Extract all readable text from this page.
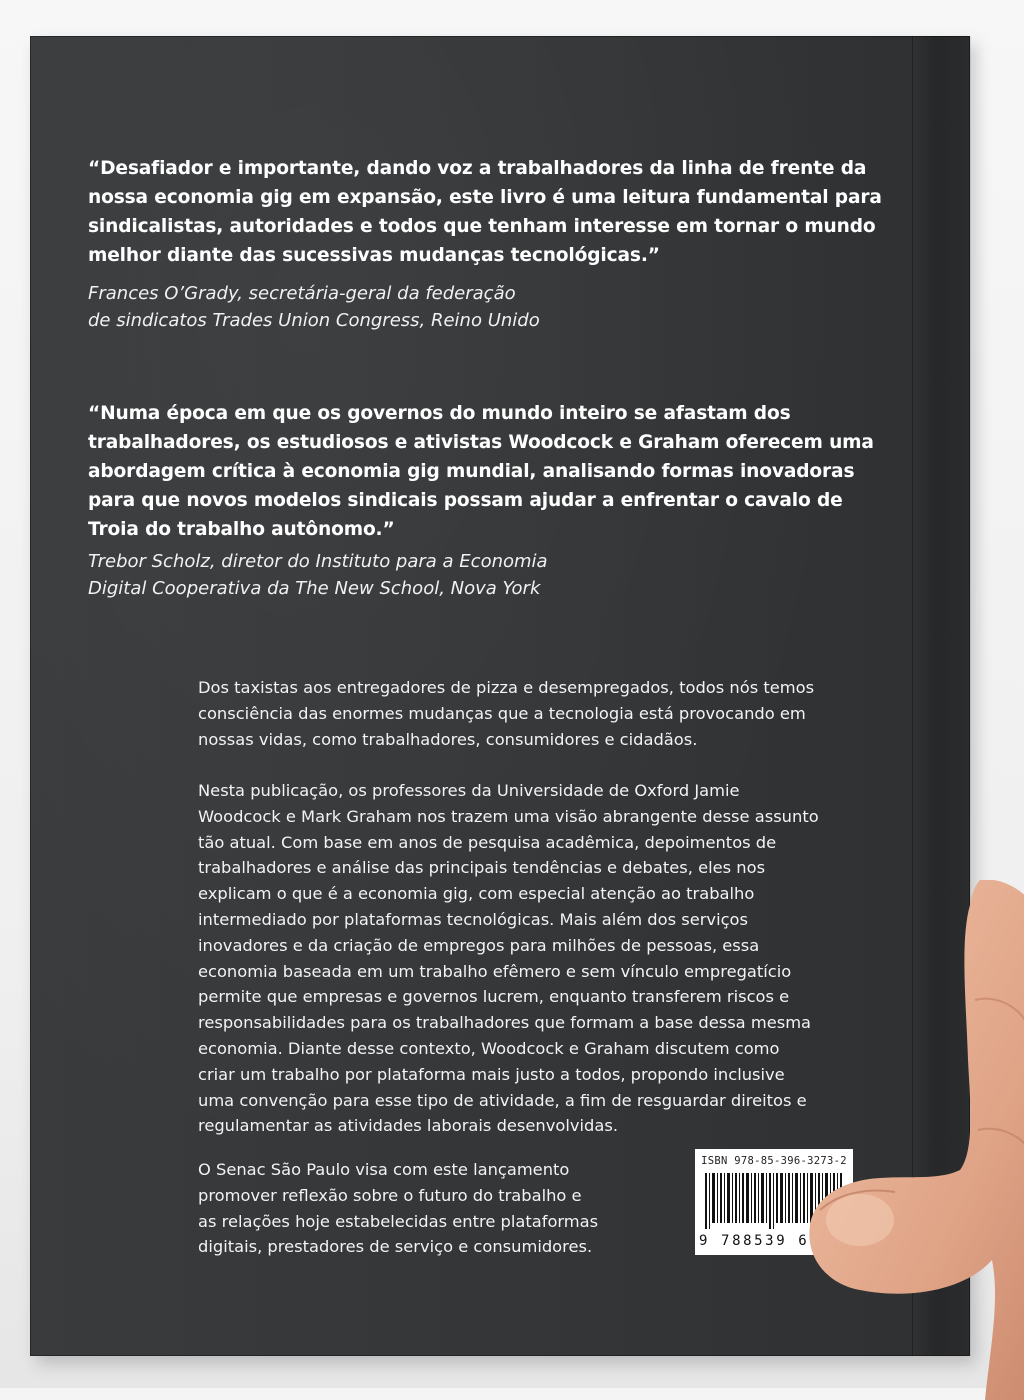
“Desafiador e importante, dando voz a trabalhadores da linha de frente da
nossa economia gig em expansão, este livro é uma leitura fundamental para
sindicalistas, autoridades e todos que tenham interesse em tornar o mundo
melhor diante das sucessivas mudanças tecnológicas.”

Frances O’Grady, secretária-geral da federação
de sindicatos Trades Union Congress, Reino Unido

“Numa época em que os governos do mundo inteiro se afastam dos
trabalhadores, os estudiosos e ativistas Woodcock e Graham oferecem uma
abordagem crítica à economia gig mundial, analisando formas inovadoras
para que novos modelos sindicais possam ajudar a enfrentar o cavalo de
Troia do trabalho autônomo.”

Trebor Scholz, diretor do Instituto para a Economia
Digital Cooperativa da The New School, Nova York

Dos taxistas aos entregadores de pizza e desempregados, todos nós temos
consciência das enormes mudanças que a tecnologia está provocando em
nossas vidas, como trabalhadores, consumidores e cidadãos.

Nesta publicação, os professores da Universidade de Oxford Jamie
Woodcock e Mark Graham nos trazem uma visão abrangente desse assunto
tão atual. Com base em anos de pesquisa acadêmica, depoimentos de
trabalhadores e análise das principais tendências e debates, eles nos
explicam o que é a economia gig, com especial atenção ao trabalho
intermediado por plataformas tecnológicas. Mais além dos serviços
inovadores e da criação de empregos para milhões de pessoas, essa
economia baseada em um trabalho efêmero e sem vínculo empregatício
permite que empresas e governos lucrem, enquanto transferem riscos e
responsabilidades para os trabalhadores que formam a base dessa mesma
economia. Diante desse contexto, Woodcock e Graham discutem como
criar um trabalho por plataforma mais justo a todos, propondo inclusive
uma convenção para esse tipo de atividade, a fim de resguardar direitos e
regulamentar as atividades laborais desenvolvidas.

O Senac São Paulo visa com este lançamento
promover reflexão sobre o futuro do trabalho e
as relações hoje estabelecidas entre plataformas
digitais, prestadores de serviço e consumidores.

ISBN 978-85-396-3273-2
9 788539 6
